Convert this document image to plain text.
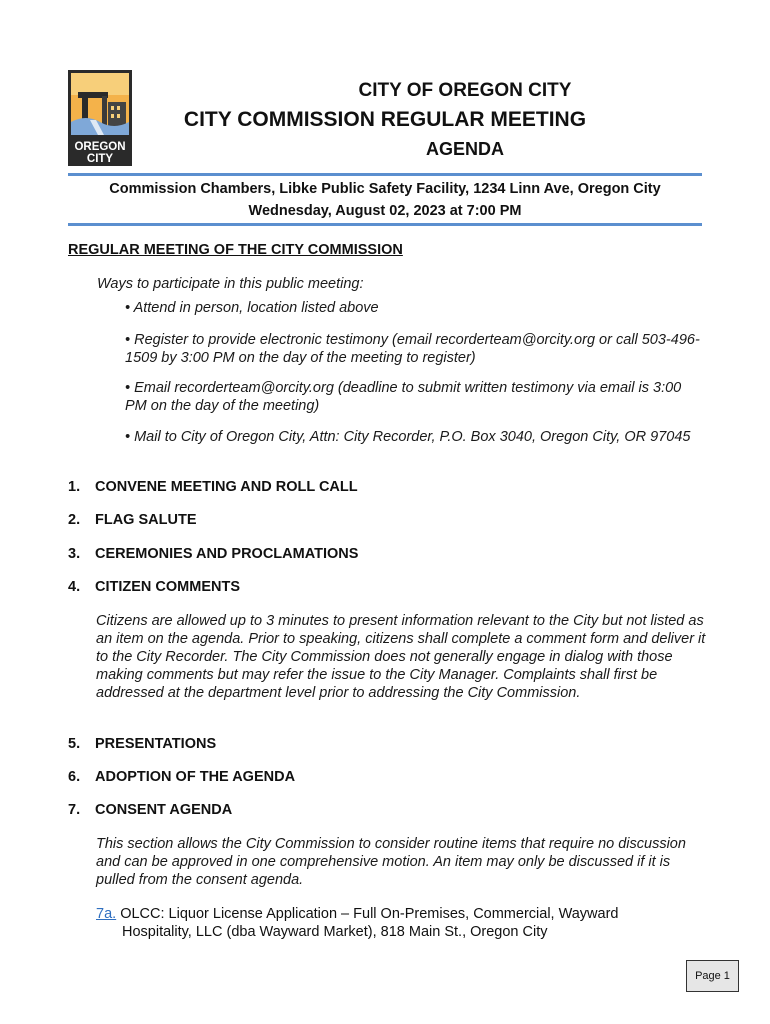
OREGON
CITY
CITY OF OREGON CITY
CITY COMMISSION REGULAR MEETING
AGENDA
Commission Chambers, Libke Public Safety Facility, 1234 Linn Ave, Oregon City
Wednesday, August 02, 2023 at 7:00 PM
REGULAR MEETING OF THE CITY COMMISSION
Ways to participate in this public meeting:
• Attend in person, location listed above
• Register to provide electronic testimony (email recorderteam@orcity.org or call 503-496-1509 by 3:00 PM on the day of the meeting to register)
• Email recorderteam@orcity.org (deadline to submit written testimony via email is 3:00 PM on the day of the meeting)
• Mail to City of Oregon City, Attn: City Recorder, P.O. Box 3040, Oregon City, OR 97045
1. CONVENE MEETING AND ROLL CALL
2. FLAG SALUTE
3. CEREMONIES AND PROCLAMATIONS
4. CITIZEN COMMENTS
Citizens are allowed up to 3 minutes to present information relevant to the City but not listed as an item on the agenda. Prior to speaking, citizens shall complete a comment form and deliver it to the City Recorder. The City Commission does not generally engage in dialog with those making comments but may refer the issue to the City Manager. Complaints shall first be addressed at the department level prior to addressing the City Commission.
5. PRESENTATIONS
6. ADOPTION OF THE AGENDA
7. CONSENT AGENDA
This section allows the City Commission to consider routine items that require no discussion and can be approved in one comprehensive motion. An item may only be discussed if it is pulled from the consent agenda.
7a. OLCC: Liquor License Application – Full On-Premises, Commercial, Wayward
Hospitality, LLC (dba Wayward Market), 818 Main St., Oregon City
Page 1
